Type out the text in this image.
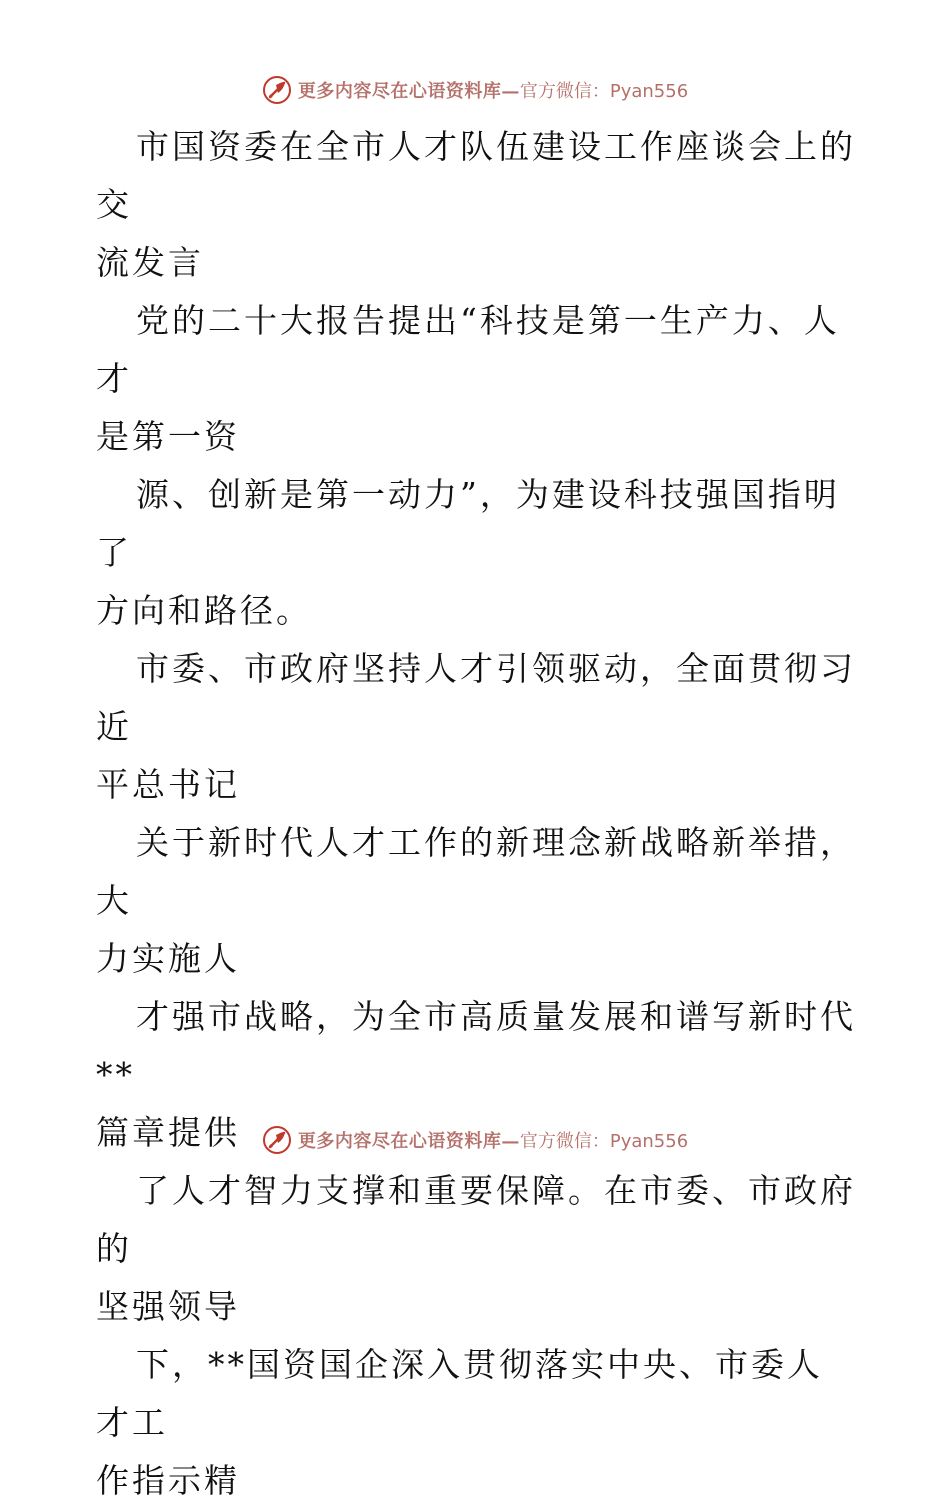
更多内容尽在心语资料库— 官方微信：Pyan556

市国资委在全市人才队伍建设工作座谈会上的交
流发言

党的二十大报告提出“科技是第一生产力、人才
是第一资

源、创新是第一动力”，为建设科技强国指明了
方向和路径。

市委、市政府坚持人才引领驱动，全面贯彻习近
平总书记

关于新时代人才工作的新理念新战略新举措，大
力实施人

才强市战略，为全市高质量发展和谱写新时代**
篇章提供

了人才智力支撑和重要保障。在市委、市政府的
坚强领导

下，**国资国企深入贯彻落实中央、市委人才工
作指示精

更多内容尽在心语资料库— 官方微信：Pyan556
